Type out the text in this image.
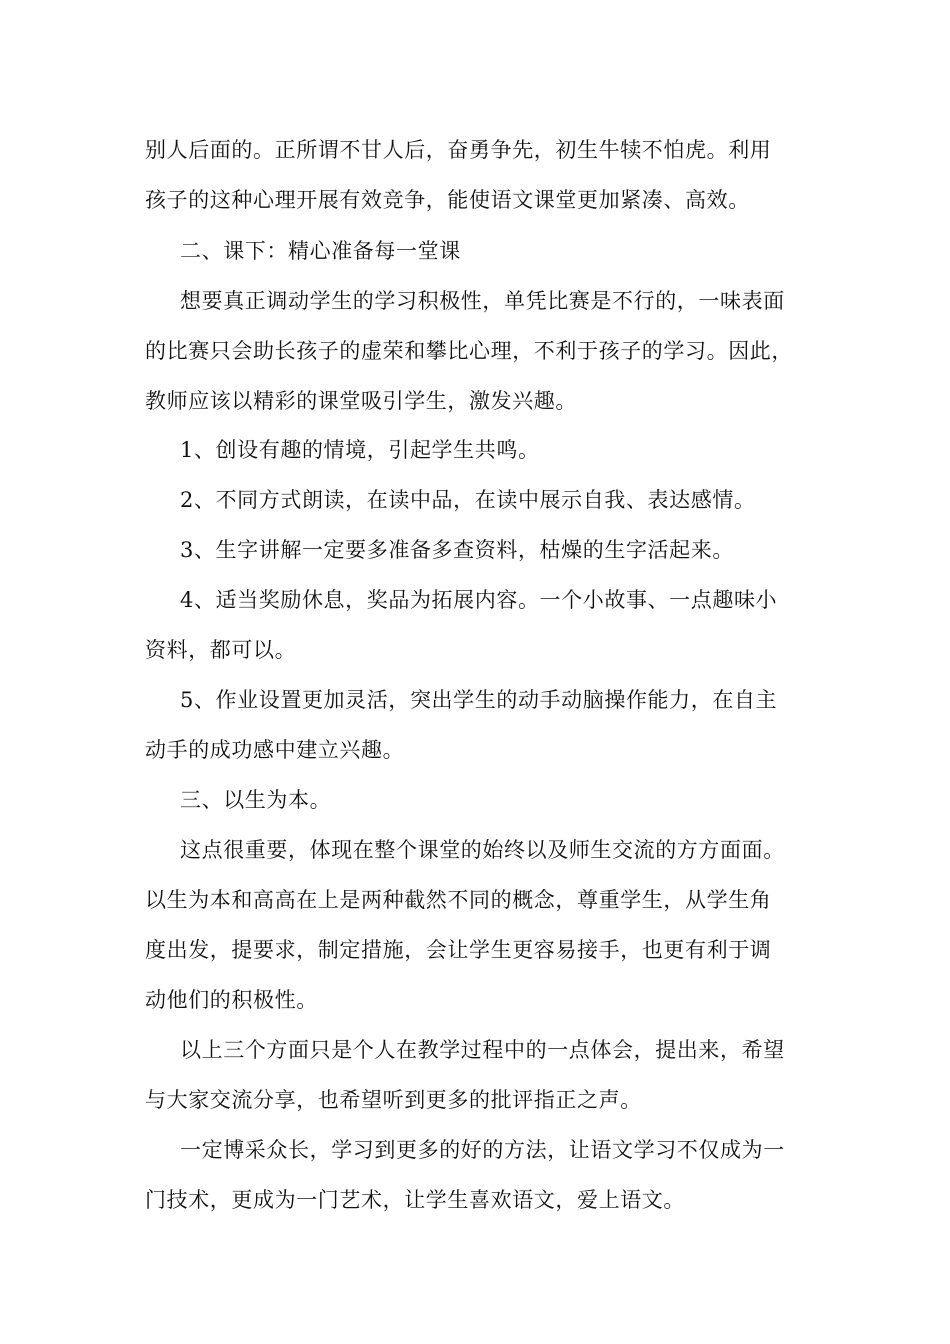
别人后面的。正所谓不甘人后，奋勇争先，初生牛犊不怕虎。利用
孩子的这种心理开展有效竞争，能使语文课堂更加紧凑、高效。
二、课下：精心准备每一堂课
想要真正调动学生的学习积极性，单凭比赛是不行的，一味表面
的比赛只会助长孩子的虚荣和攀比心理，不利于孩子的学习。因此，
教师应该以精彩的课堂吸引学生，激发兴趣。
1、创设有趣的情境，引起学生共鸣。
2、不同方式朗读，在读中品，在读中展示自我、表达感情。
3、生字讲解一定要多准备多查资料，枯燥的生字活起来。
4、适当奖励休息，奖品为拓展内容。一个小故事、一点趣味小
资料，都可以。
5、作业设置更加灵活，突出学生的动手动脑操作能力，在自主
动手的成功感中建立兴趣。
三、以生为本。
这点很重要，体现在整个课堂的始终以及师生交流的方方面面。
以生为本和高高在上是两种截然不同的概念，尊重学生，从学生角
度出发，提要求，制定措施，会让学生更容易接手，也更有利于调
动他们的积极性。
以上三个方面只是个人在教学过程中的一点体会，提出来，希望
与大家交流分享，也希望听到更多的批评指正之声。
一定博采众长，学习到更多的好的方法，让语文学习不仅成为一
门技术，更成为一门艺术，让学生喜欢语文，爱上语文。
